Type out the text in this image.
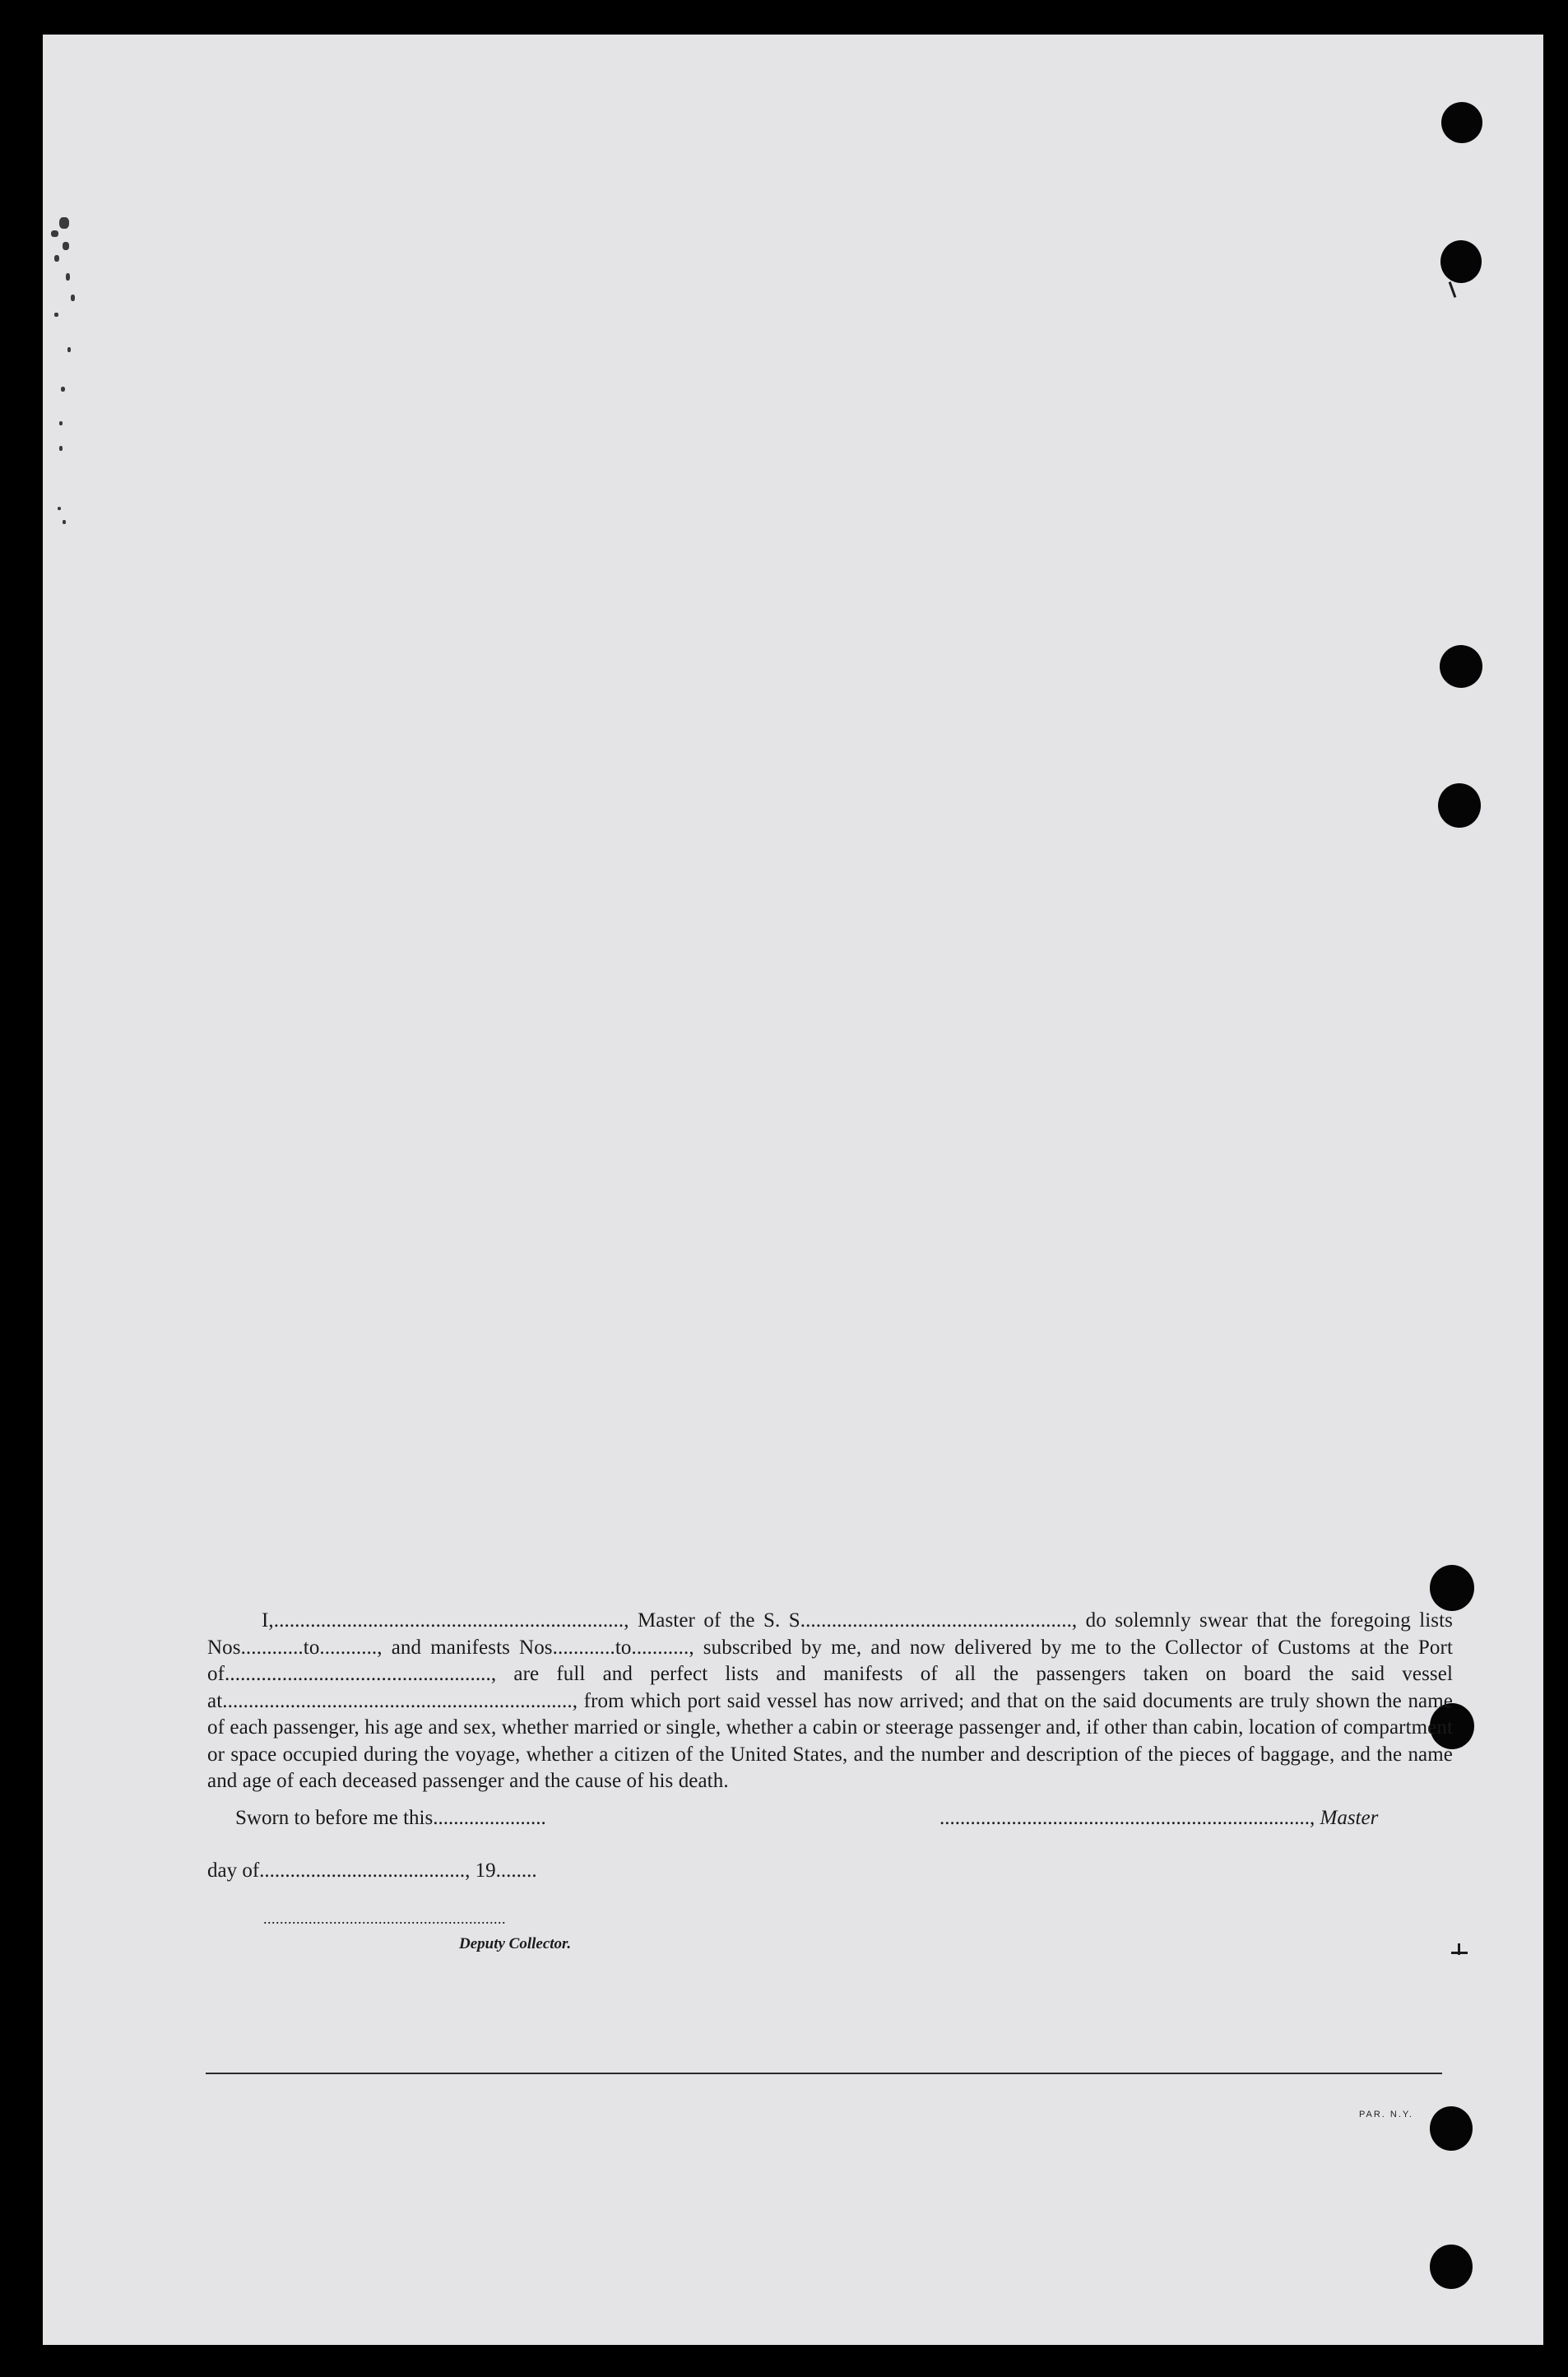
I,..................................................................., Master of the S. S...................................................., do solemnly swear that the foregoing lists Nos............to..........., and manifests Nos............to..........., subscribed by me, and now delivered by me to the Collector of Customs at the Port of..................................................., are full and perfect lists and manifests of all the passengers taken on board the said vessel at..................................................................., from which port said vessel has now arrived; and that on the said documents are truly shown the name of each passenger, his age and sex, whether married or single, whether a cabin or steerage passenger and, if other than cabin, location of compartment or space occupied during the voyage, whether a citizen of the United States, and the number and description of the pieces of baggage, and the name and age of each deceased passenger and the cause of his death.

Sworn to before me this......................	........................................................................, Master
day of........................................, 19........
...........................................................
Deputy Collector.
PAR. N.Y.
